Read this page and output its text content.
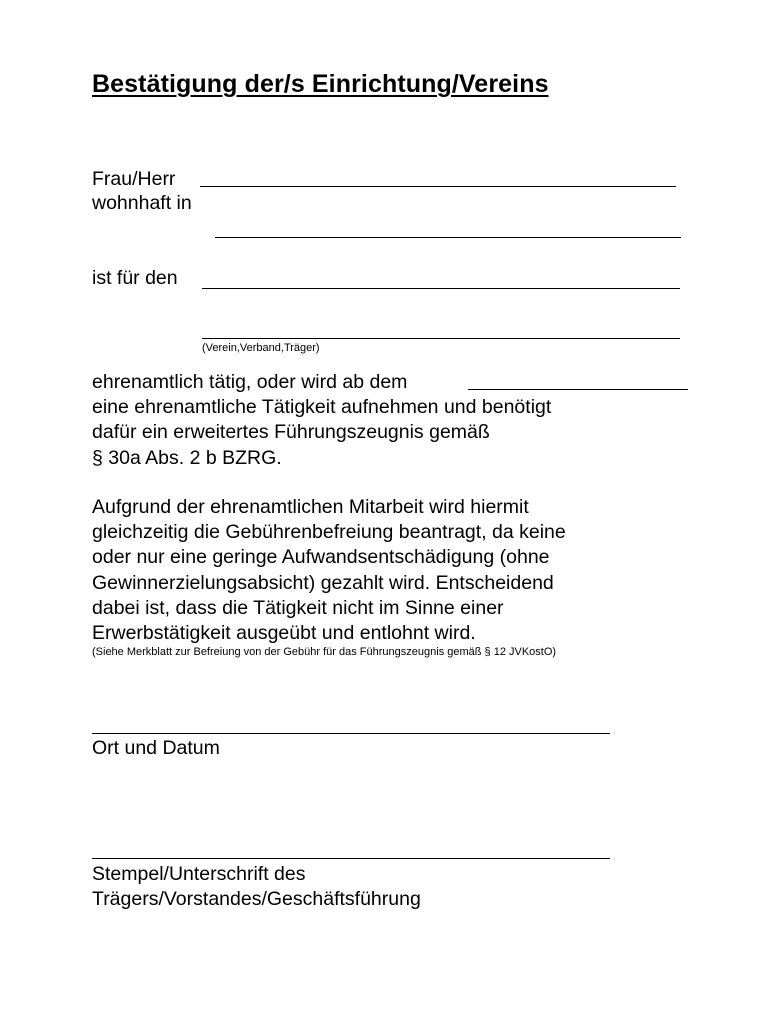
Bestätigung der/s Einrichtung/Vereins
Frau/Herr
wohnhaft in
ist für den
(Verein,Verband,Träger)
ehrenamtlich tätig, oder wird ab dem
eine ehrenamtliche Tätigkeit aufnehmen und benötigt
dafür ein erweitertes Führungszeugnis gemäß
§ 30a Abs. 2 b BZRG.
Aufgrund der ehrenamtlichen Mitarbeit wird hiermit
gleichzeitig die Gebührenbefreiung beantragt, da keine
oder nur eine geringe Aufwandsentschädigung (ohne
Gewinnerzielungsabsicht) gezahlt wird. Entscheidend
dabei ist, dass die Tätigkeit nicht im Sinne einer
Erwerbstätigkeit ausgeübt und entlohnt wird.
(Siehe Merkblatt zur Befreiung von der Gebühr für das Führungszeugnis gemäß § 12 JVKostO)
Ort und Datum
Stempel/Unterschrift des
Trägers/Vorstandes/Geschäftsführung
